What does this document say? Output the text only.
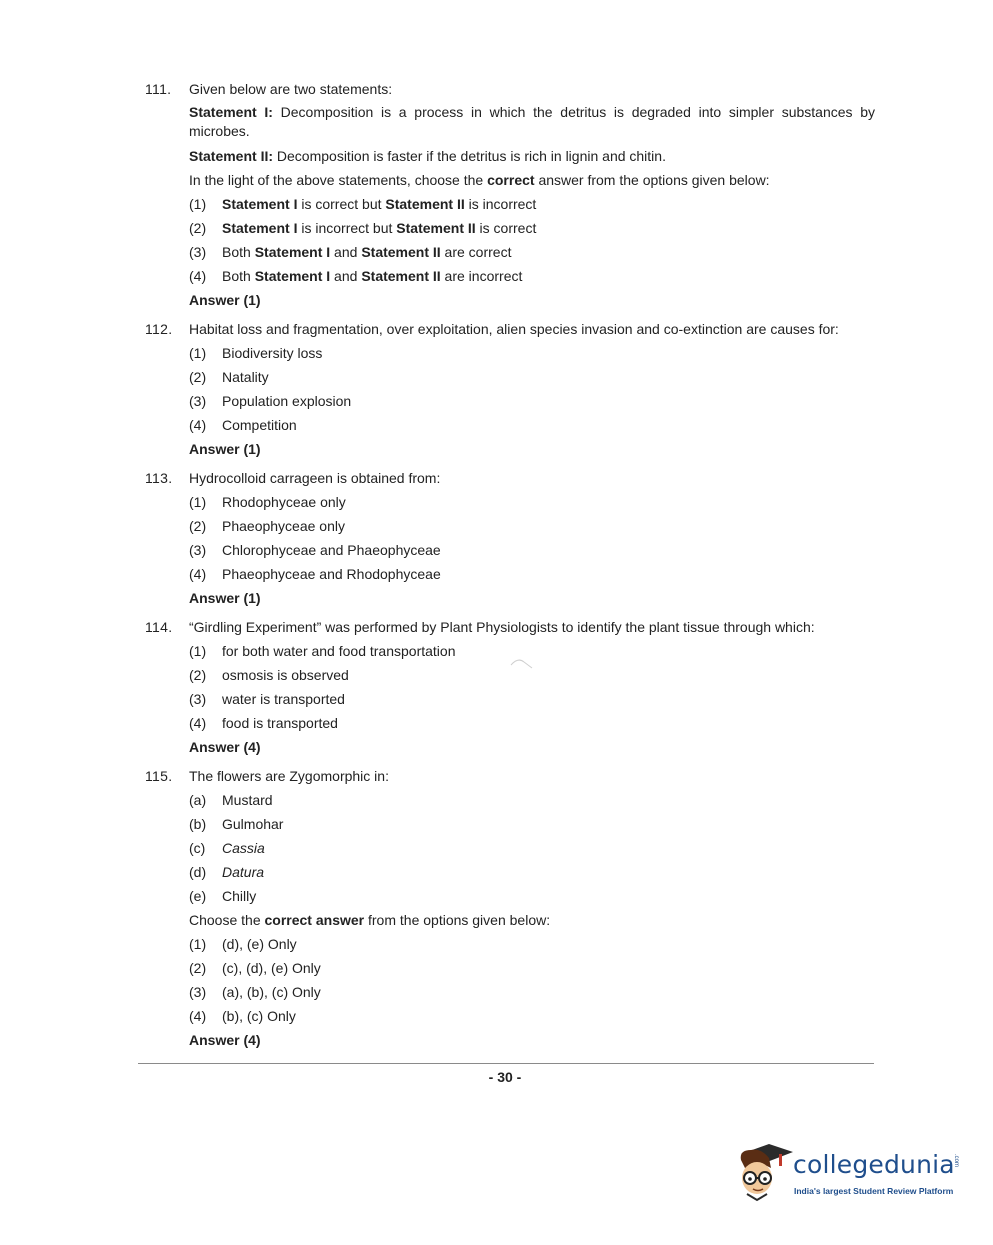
111.	Given below are two statements:
Statement I: Decomposition is a process in which the detritus is degraded into simpler substances by microbes.
Statement II: Decomposition is faster if the detritus is rich in lignin and chitin.
In the light of the above statements, choose the correct answer from the options given below:
(1)	Statement I is correct but Statement II is incorrect
(2)	Statement I is incorrect but Statement II is correct
(3)	Both Statement I and Statement II are correct
(4)	Both Statement I and Statement II are incorrect
Answer (1)
112.	Habitat loss and fragmentation, over exploitation, alien species invasion and co-extinction are causes for:
(1)	Biodiversity loss
(2)	Natality
(3)	Population explosion
(4)	Competition
Answer (1)
113.	Hydrocolloid carrageen is obtained from:
(1)	Rhodophyceae only
(2)	Phaeophyceae only
(3)	Chlorophyceae and Phaeophyceae
(4)	Phaeophyceae and Rhodophyceae
Answer (1)
114.	“Girdling Experiment” was performed by Plant Physiologists to identify the plant tissue through which:
(1)	for both water and food transportation
(2)	osmosis is observed
(3)	water is transported
(4)	food is transported
Answer (4)
115.	The flowers are Zygomorphic in:
(a)	Mustard
(b)	Gulmohar
(c)	Cassia
(d)	Datura
(e)	Chilly
Choose the correct answer from the options given below:
(1)	(d), (e) Only
(2)	(c), (d), (e) Only
(3)	(a), (b), (c) Only
(4)	(b), (c) Only
Answer (4)
- 30 -
collegedunia
.com
India's largest Student Review Platform
